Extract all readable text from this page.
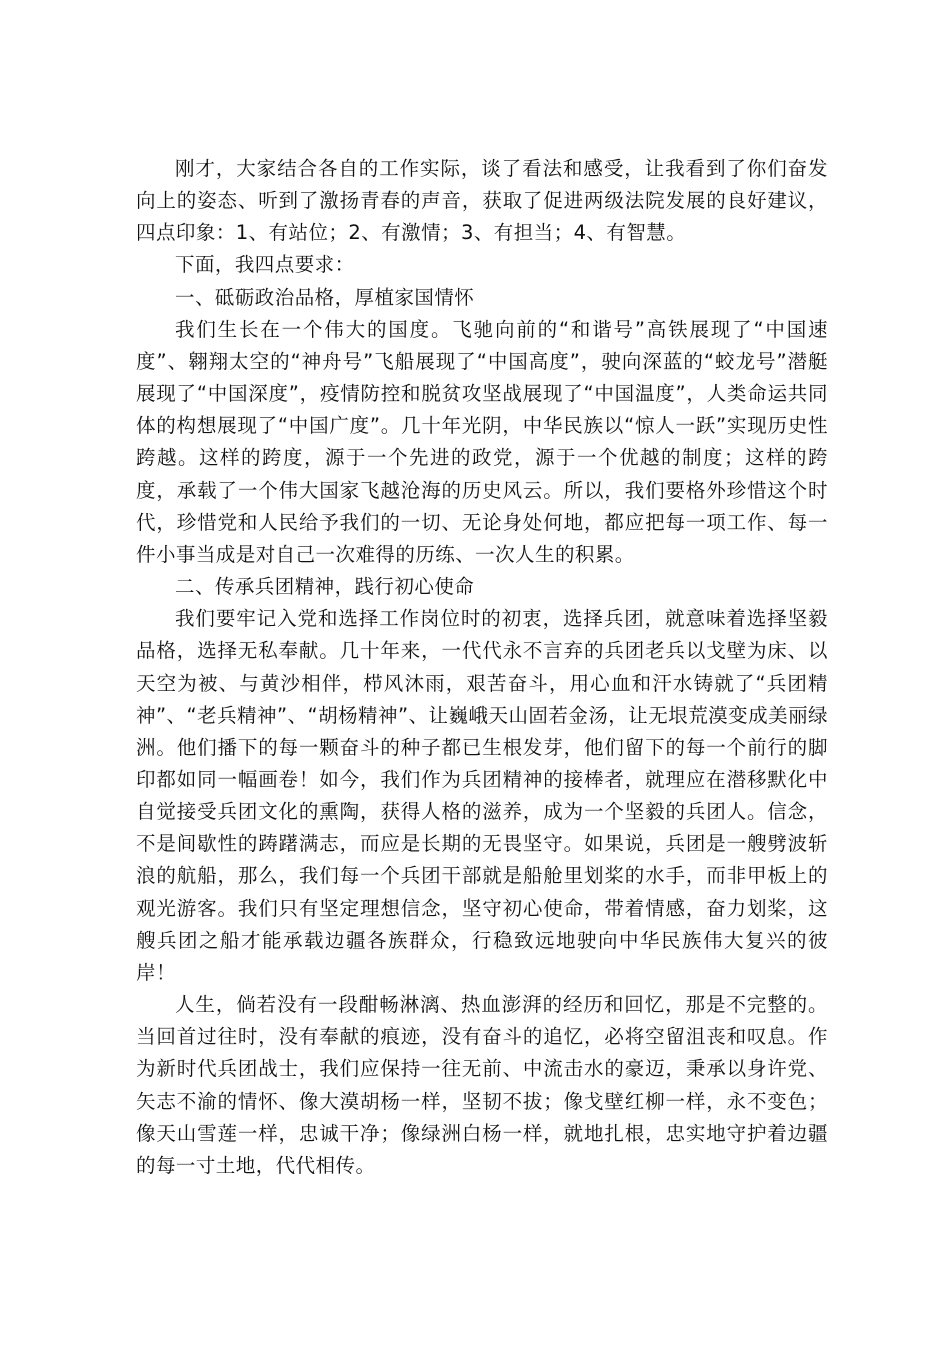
刚才，大家结合各自的工作实际，谈了看法和感受，让我看到了你们奋发向上的姿态、听到了激扬青春的声音，获取了促进两级法院发展的良好建议，四点印象：1、有站位；2、有激情；3、有担当；4、有智慧。

下面，我四点要求：

一、砥砺政治品格，厚植家国情怀

我们生长在一个伟大的国度。飞驰向前的“和谐号”高铁展现了“中国速度”、翱翔太空的“神舟号”飞船展现了“中国高度”，驶向深蓝的“蛟龙号”潜艇展现了“中国深度”，疫情防控和脱贫攻坚战展现了“中国温度”，人类命运共同体的构想展现了“中国广度”。几十年光阴，中华民族以“惊人一跃”实现历史性跨越。这样的跨度，源于一个先进的政党，源于一个优越的制度；这样的跨度，承载了一个伟大国家飞越沧海的历史风云。所以，我们要格外珍惜这个时代，珍惜党和人民给予我们的一切、无论身处何地，都应把每一项工作、每一件小事当成是对自己一次难得的历练、一次人生的积累。

二、传承兵团精神，践行初心使命

我们要牢记入党和选择工作岗位时的初衷，选择兵团，就意味着选择坚毅品格，选择无私奉献。几十年来，一代代永不言弃的兵团老兵以戈壁为床、以天空为被、与黄沙相伴，栉风沐雨，艰苦奋斗，用心血和汗水铸就了“兵团精神”、“老兵精神”、“胡杨精神”、让巍峨天山固若金汤，让无垠荒漠变成美丽绿洲。他们播下的每一颗奋斗的种子都已生根发芽，他们留下的每一个前行的脚印都如同一幅画卷！如今，我们作为兵团精神的接棒者，就理应在潜移默化中自觉接受兵团文化的熏陶，获得人格的滋养，成为一个坚毅的兵团人。信念，不是间歇性的踌躇满志，而应是长期的无畏坚守。如果说，兵团是一艘劈波斩浪的航船，那么，我们每一个兵团干部就是船舱里划桨的水手，而非甲板上的观光游客。我们只有坚定理想信念，坚守初心使命，带着情感，奋力划桨，这艘兵团之船才能承载边疆各族群众，行稳致远地驶向中华民族伟大复兴的彼岸！

人生，倘若没有一段酣畅淋漓、热血澎湃的经历和回忆，那是不完整的。当回首过往时，没有奉献的痕迹，没有奋斗的追忆，必将空留沮丧和叹息。作为新时代兵团战士，我们应保持一往无前、中流击水的豪迈，秉承以身许党、矢志不渝的情怀、像大漠胡杨一样，坚韧不拔；像戈壁红柳一样，永不变色；像天山雪莲一样，忠诚干净；像绿洲白杨一样，就地扎根，忠实地守护着边疆的每一寸土地，代代相传。
